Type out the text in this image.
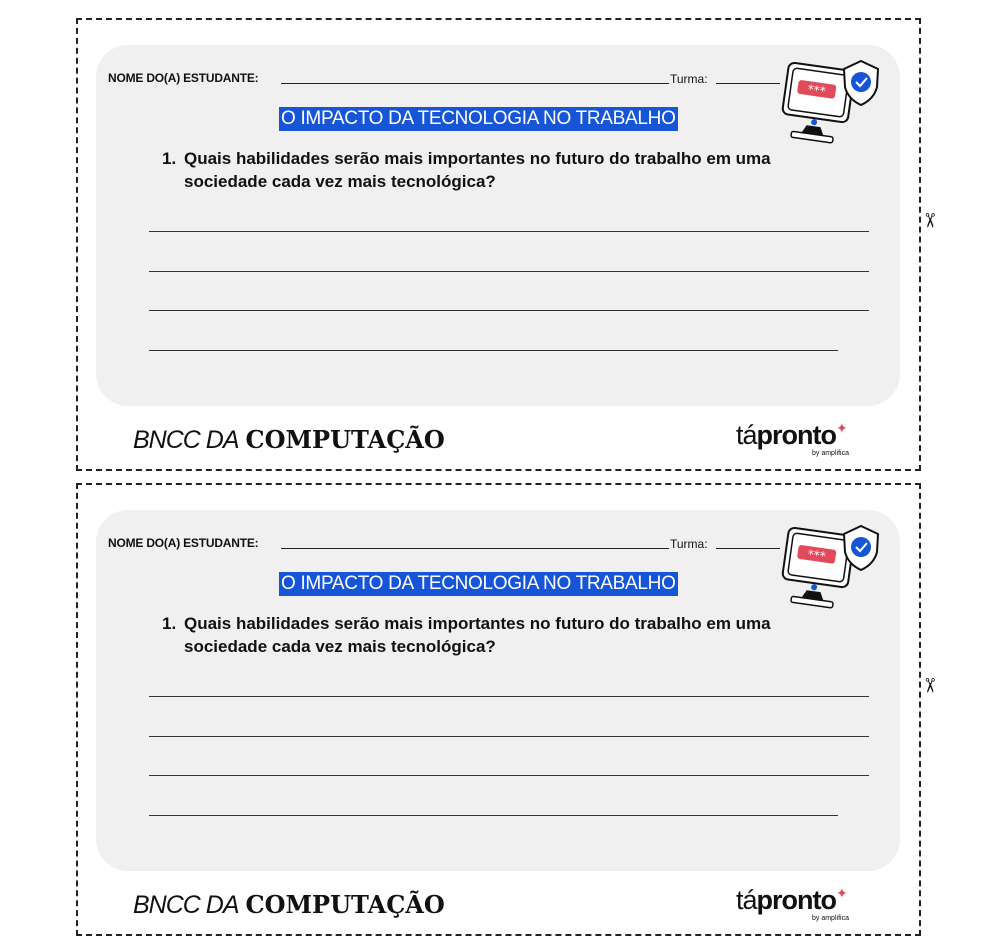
NOME DO(A) ESTUDANTE:	Turma:
O IMPACTO DA TECNOLOGIA NO TRABALHO
1. Quais habilidades serão mais importantes no futuro do trabalho em uma sociedade cada vez mais tecnológica?
***
BNCC DA COMPUTAÇÃO	tápronto✦
by amplifica
NOME DO(A) ESTUDANTE:	Turma:
O IMPACTO DA TECNOLOGIA NO TRABALHO
1. Quais habilidades serão mais importantes no futuro do trabalho em uma sociedade cada vez mais tecnológica?
***
BNCC DA COMPUTAÇÃO	tápronto✦
by amplifica
✂
✂
